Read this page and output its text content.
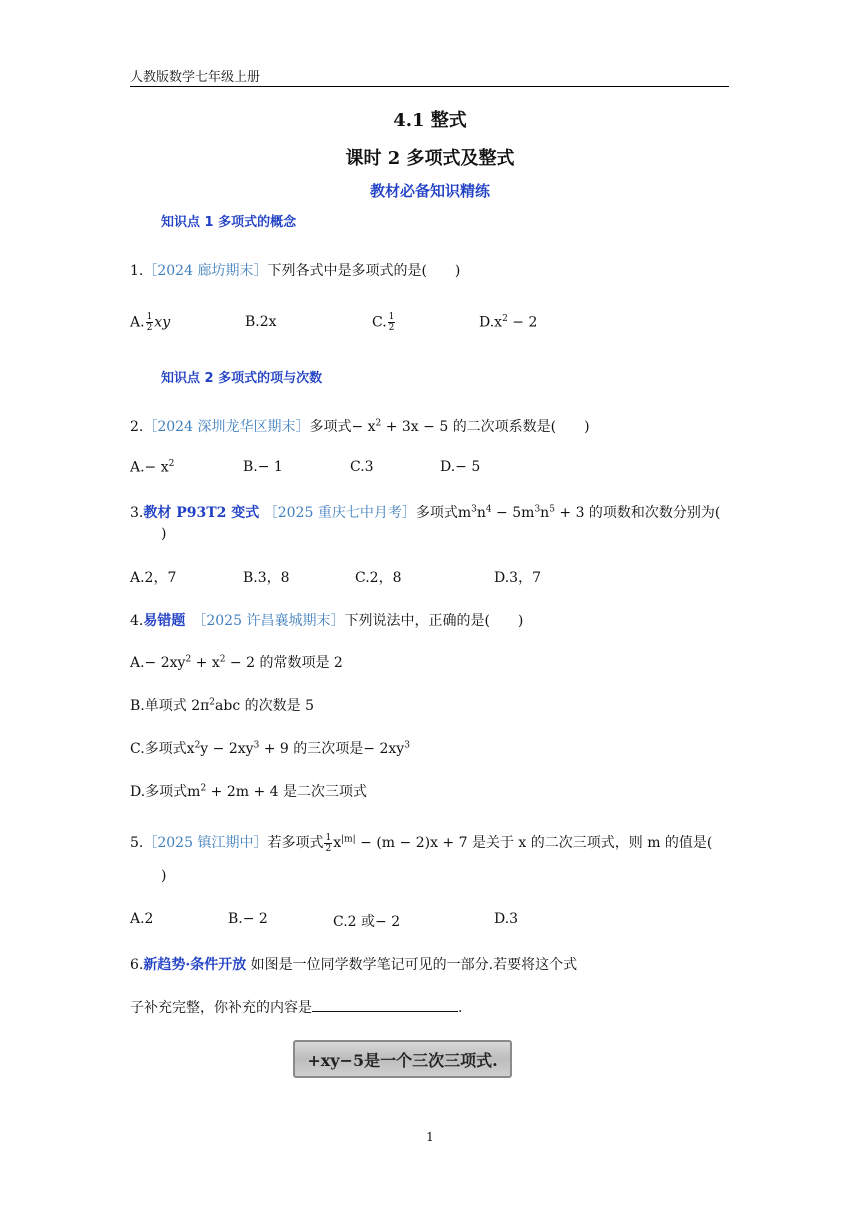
人教版数学七年级上册
4.1 整式
课时 2 多项式及整式
教材必备知识精练
知识点 1 多项式的概念
1.［2024 廊坊期末］下列各式中是多项式的是(　　)
A. $\frac{1}{2}$ xy	B.2x	C. $\frac{1}{2}$	$D.x^2 - 2$
知识点 2 多项式的项与次数
2.［2024 深圳龙华区期末］多项式− $x^2 + 3x - 5$ 的二次项系数是(　　)
$A.- x^2$	B.− 1	C.3	D.− 5
3.教材 P93T2 变式 ［2025 重庆七中月考］多项式$m^3n^4 - 5m^3n^5 + 3$ 的项数和次数分别为(
)
A.2，7	B.3，8	C.2，8	D.3，7
4.易错题　 ［2025 许昌襄城期末］下列说法中，正确的是(　　)
$A.- 2xy^2 + x^2 - 2$ 的常数项是 2
B.单项式 $2\pi^2abc$ 的次数是 5
C.多项式$x^2y - 2xy^3 + 9$ 的三次项是− $2xy^3$
D.多项式$m^2 + 2m + 4$ 是二次三项式
5.［2025 镇江期中］若多项式 $\frac{1}{2} x^{|m|} - (m - 2)x + 7$ 是关于 x 的二次三项式，则 m 的值是(
)
A.2	B.− 2	C.2 或− 2	D.3
6.新趋势·条件开放 如图是一位同学数学笔记可见的一部分.若要将这个式
子补充完整，你补充的内容是	.
+xy−5是一个三次三项式.
1
